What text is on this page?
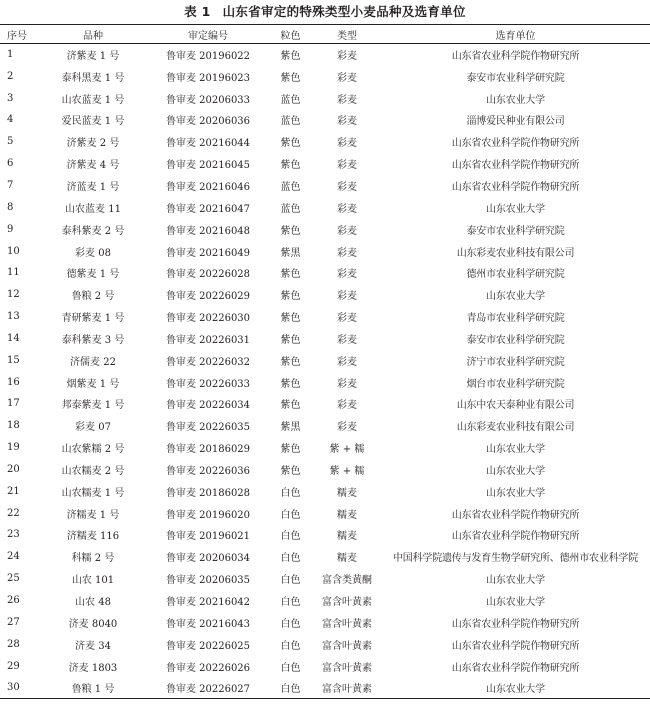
表 1 山东省审定的特殊类型小麦品种及选育单位
序号	品种	审定编号	粒色	类型	选育单位
1	济紫麦 1 号	鲁审麦 20196022	紫色	彩麦	山东省农业科学院作物研究所
2	泰科黑麦 1 号	鲁审麦 20196023	紫色	彩麦	泰安市农业科学研究院
3	山农蓝麦 1 号	鲁审麦 20206033	蓝色	彩麦	山东农业大学
4	爱民蓝麦 1 号	鲁审麦 20206036	蓝色	彩麦	淄博爱民种业有限公司
5	济紫麦 2 号	鲁审麦 20216044	紫色	彩麦	山东省农业科学院作物研究所
6	济紫麦 4 号	鲁审麦 20216045	紫色	彩麦	山东省农业科学院作物研究所
7	济蓝麦 1 号	鲁审麦 20216046	蓝色	彩麦	山东省农业科学院作物研究所
8	山农蓝麦 11	鲁审麦 20216047	蓝色	彩麦	山东农业大学
9	泰科紫麦 2 号	鲁审麦 20216048	紫色	彩麦	泰安市农业科学研究院
10	彩麦 08	鲁审麦 20216049	紫黑	彩麦	山东彩麦农业科技有限公司
11	德紫麦 1 号	鲁审麦 20226028	紫色	彩麦	德州市农业科学研究院
12	鲁粮 2 号	鲁审麦 20226029	紫色	彩麦	山东农业大学
13	青研紫麦 1 号	鲁审麦 20226030	紫色	彩麦	青岛市农业科学研究院
14	泰科紫麦 3 号	鲁审麦 20226031	紫色	彩麦	泰安市农业科学研究院
15	济儒麦 22	鲁审麦 20226032	紫色	彩麦	济宁市农业科学研究院
16	烟紫麦 1 号	鲁审麦 20226033	紫色	彩麦	烟台市农业科学研究院
17	邦泰紫麦 1 号	鲁审麦 20226034	紫色	彩麦	山东中农天泰种业有限公司
18	彩麦 07	鲁审麦 20226035	紫黑	彩麦	山东彩麦农业科技有限公司
19	山农紫糯 2 号	鲁审麦 20186029	紫色	紫 + 糯	山东农业大学
20	山农糯麦 2 号	鲁审麦 20226036	紫色	紫 + 糯	山东农业大学
21	山农糯麦 1 号	鲁审麦 20186028	白色	糯麦	山东农业大学
22	济糯麦 1 号	鲁审麦 20196020	白色	糯麦	山东省农业科学院作物研究所
23	济糯麦 116	鲁审麦 20196021	白色	糯麦	山东省农业科学院作物研究所
24	科糯 2 号	鲁审麦 20206034	白色	糯麦	中国科学院遗传与发育生物学研究所、德州市农业科学院
25	山农 101	鲁审麦 20206035	白色	富含类黄酮	山东农业大学
26	山农 48	鲁审麦 20216042	白色	富含叶黄素	山东农业大学
27	济麦 8040	鲁审麦 20216043	白色	富含叶黄素	山东省农业科学院作物研究所
28	济麦 34	鲁审麦 20226025	白色	富含叶黄素	山东省农业科学院作物研究所
29	济麦 1803	鲁审麦 20226026	白色	富含叶黄素	山东省农业科学院作物研究所
30	鲁粮 1 号	鲁审麦 20226027	白色	富含叶黄素	山东农业大学
